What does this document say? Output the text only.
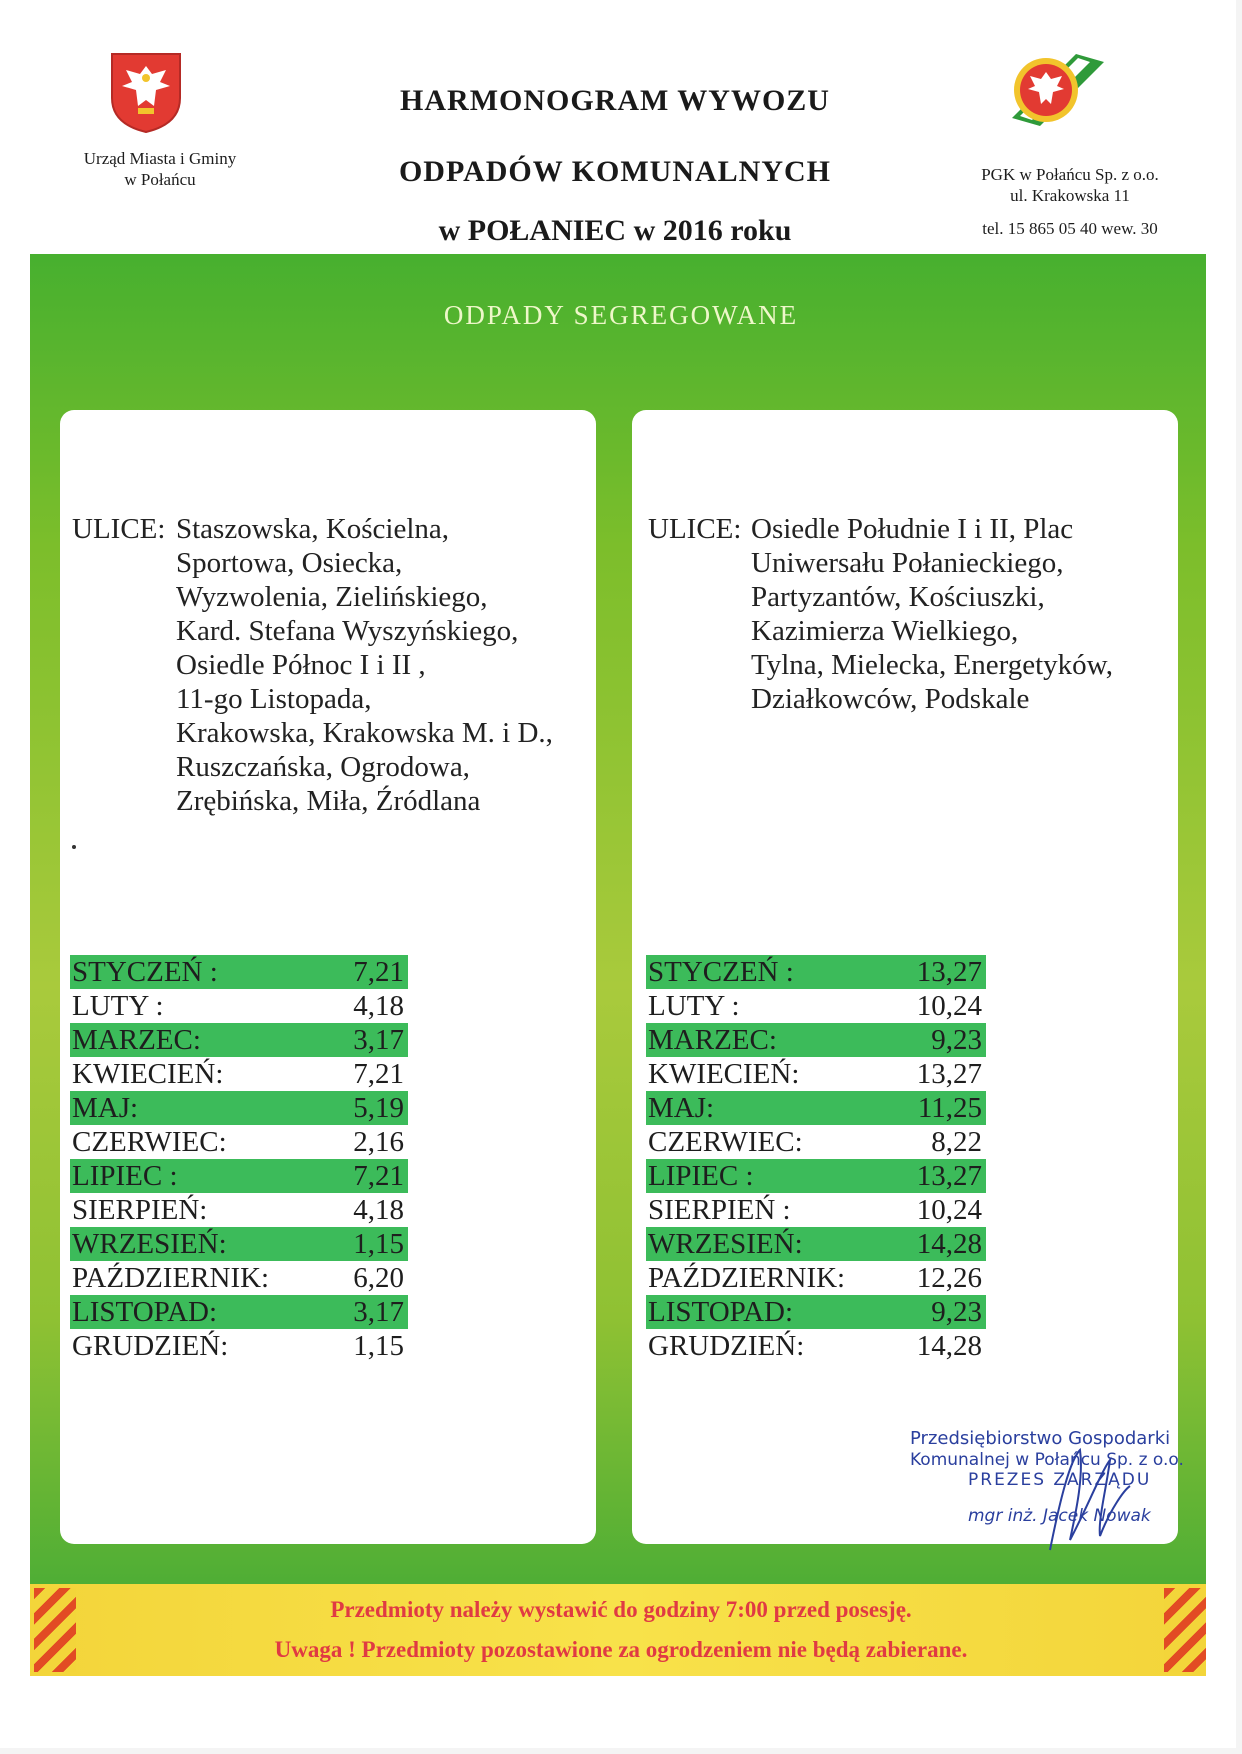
Urząd Miasta i Gminy
w Połańcu
HARMONOGRAM WYWOZU
ODPADÓW KOMUNALNYCH
w POŁANIEC w 2016 roku
PGK w Połańcu Sp. z o.o.
ul. Krakowska 11
tel. 15 865 05 40 wew. 30
ODPADY SEGREGOWANE
ULICE: Staszowska, Kościelna,
Sportowa, Osiecka,
Wyzwolenia, Zielińskiego,
Kard. Stefana Wyszyńskiego,
Osiedle Północ I i II ,
11-go Listopada,
Krakowska, Krakowska M. i D.,
Ruszczańska, Ogrodowa,
Zrębińska, Miła, Źródlana
ULICE: Osiedle Południe I i II, Plac
Uniwersału Połanieckiego,
Partyzantów, Kościuszki,
Kazimierza Wielkiego,
Tylna, Mielecka, Energetyków,
Działkowców, Podskale
STYCZEŃ :	7,21
LUTY :	4,18
MARZEC:	3,17
KWIECIEŃ:	7,21
MAJ:	5,19
CZERWIEC:	2,16
LIPIEC :	7,21
SIERPIEŃ:	4,18
WRZESIEŃ:	1,15
PAŹDZIERNIK:	6,20
LISTOPAD:	3,17
GRUDZIEŃ:	1,15
STYCZEŃ :	13,27
LUTY :	10,24
MARZEC:	9,23
KWIECIEŃ:	13,27
MAJ:	11,25
CZERWIEC:	8,22
LIPIEC :	13,27
SIERPIEŃ :	10,24
WRZESIEŃ:	14,28
PAŹDZIERNIK: 12,26
LISTOPAD:	9,23
GRUDZIEŃ:	14,28
Przedsiębiorstwo Gospodarki
Komunalnej w Połańcu Sp. z o.o.
PREZES ZARZĄDU
mgr inż. Jacek Nowak
Przedmioty należy wystawić do godziny 7:00 przed posesję.
Uwaga ! Przedmioty pozostawione za ogrodzeniem nie będą zabierane.
